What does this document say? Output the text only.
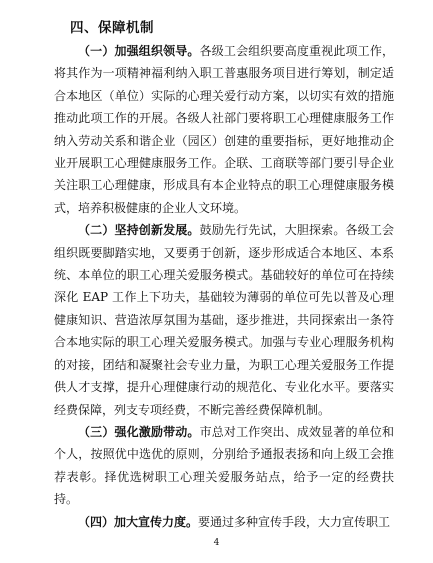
四、保障机制

（一）加强组织领导。各级工会组织要高度重视此项工作，将其作为一项精神福利纳入职工普惠服务项目进行筹划，制定适合本地区（单位）实际的心理关爱行动方案，以切实有效的措施推动此项工作的开展。各级人社部门要将职工心理健康服务工作纳入劳动关系和谐企业（园区）创建的重要指标，更好地推动企业开展职工心理健康服务工作。企联、工商联等部门要引导企业关注职工心理健康，形成具有本企业特点的职工心理健康服务模式，培养积极健康的企业人文环境。

（二）坚持创新发展。鼓励先行先试，大胆探索。各级工会组织既要脚踏实地，又要勇于创新，逐步形成适合本地区、本系统、本单位的职工心理关爱服务模式。基础较好的单位可在持续深化 EAP 工作上下功夫，基础较为薄弱的单位可先以普及心理健康知识、营造浓厚氛围为基础，逐步推进，共同探索出一条符合本地实际的职工心理关爱服务模式。加强与专业心理服务机构的对接，团结和凝聚社会专业力量，为职工心理关爱服务工作提供人才支撑，提升心理健康行动的规范化、专业化水平。要落实经费保障，列支专项经费，不断完善经费保障机制。

（三）强化激励带动。市总对工作突出、成效显著的单位和个人，按照优中选优的原则，分别给予通报表扬和向上级工会推荐表彰。择优选树职工心理关爱服务站点，给予一定的经费扶持。

（四）加大宣传力度。要通过多种宣传手段，大力宣传职工

4
